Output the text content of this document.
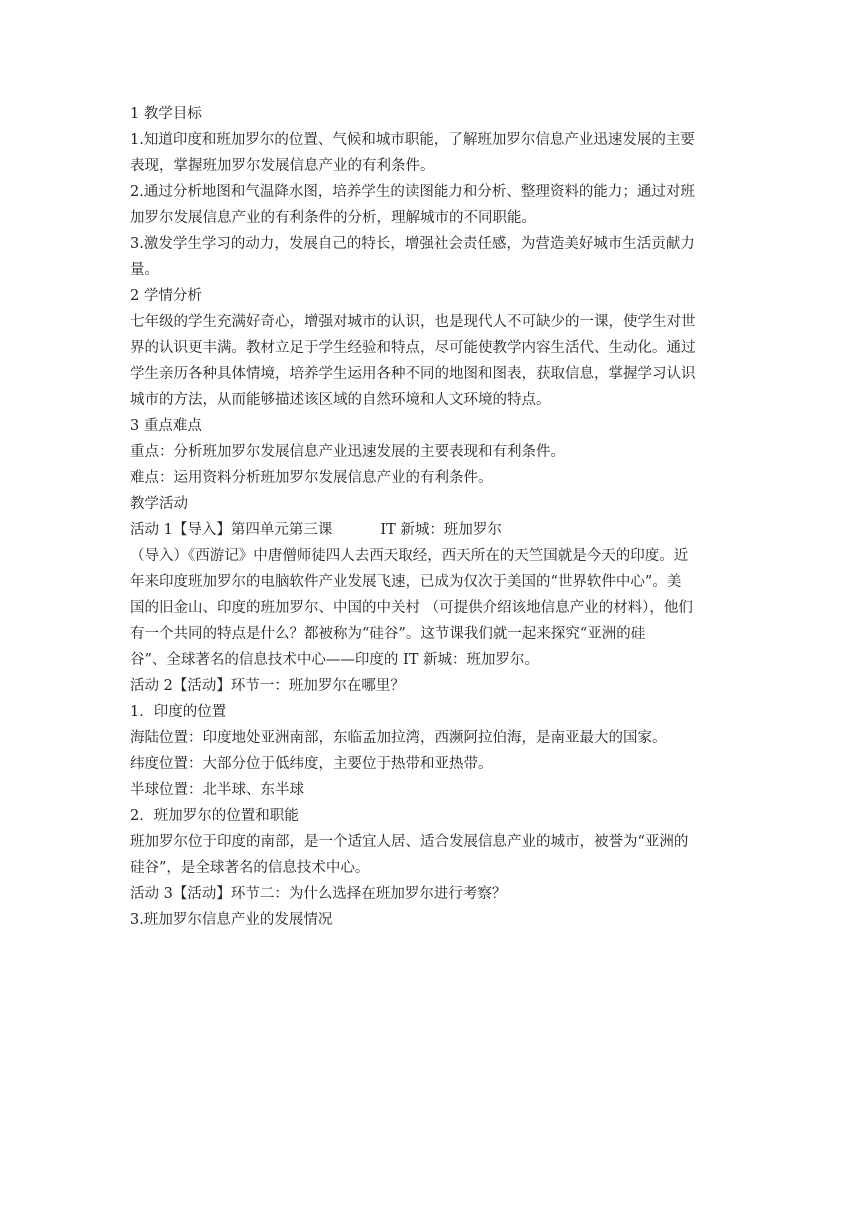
1 教学目标

1.知道印度和班加罗尔的位置、气候和城市职能，了解班加罗尔信息产业迅速发展的主要

表现，掌握班加罗尔发展信息产业的有利条件。

2.通过分析地图和气温降水图，培养学生的读图能力和分析、整理资料的能力；通过对班

加罗尔发展信息产业的有利条件的分析，理解城市的不同职能。

3.激发学生学习的动力，发展自己的特长，增强社会责任感，为营造美好城市生活贡献力

量。

2 学情分析

七年级的学生充满好奇心，增强对城市的认识，也是现代人不可缺少的一课，使学生对世

界的认识更丰满。教材立足于学生经验和特点，尽可能使教学内容生活代、生动化。通过

学生亲历各种具体情境，培养学生运用各种不同的地图和图表，获取信息，掌握学习认识

城市的方法，从而能够描述该区域的自然环境和人文环境的特点。

3 重点难点

重点：分析班加罗尔发展信息产业迅速发展的主要表现和有利条件。

难点：运用资料分析班加罗尔发展信息产业的有利条件。

教学活动

活动 1【导入】第四单元第三课	IT 新城：班加罗尔

（导入）《西游记》中唐僧师徒四人去西天取经，西天所在的天竺国就是今天的印度。近

年来印度班加罗尔的电脑软件产业发展飞速，已成为仅次于美国的“世界软件中心”。美

国的旧金山、印度的班加罗尔、中国的中关村 （可提供介绍该地信息产业的材料），他们

有一个共同的特点是什么？都被称为“硅谷”。这节课我们就一起来探究“亚洲的硅

谷”、全球著名的信息技术中心——印度的 IT 新城：班加罗尔。

活动 2【活动】环节一：班加罗尔在哪里？

1．印度的位置

海陆位置：印度地处亚洲南部，东临孟加拉湾，西濒阿拉伯海，是南亚最大的国家。

纬度位置：大部分位于低纬度，主要位于热带和亚热带。

半球位置：北半球、东半球

2．班加罗尔的位置和职能

班加罗尔位于印度的南部，是一个适宜人居、适合发展信息产业的城市，被誉为“亚洲的

硅谷”，是全球著名的信息技术中心。

活动 3【活动】环节二：为什么选择在班加罗尔进行考察？

3.班加罗尔信息产业的发展情况
